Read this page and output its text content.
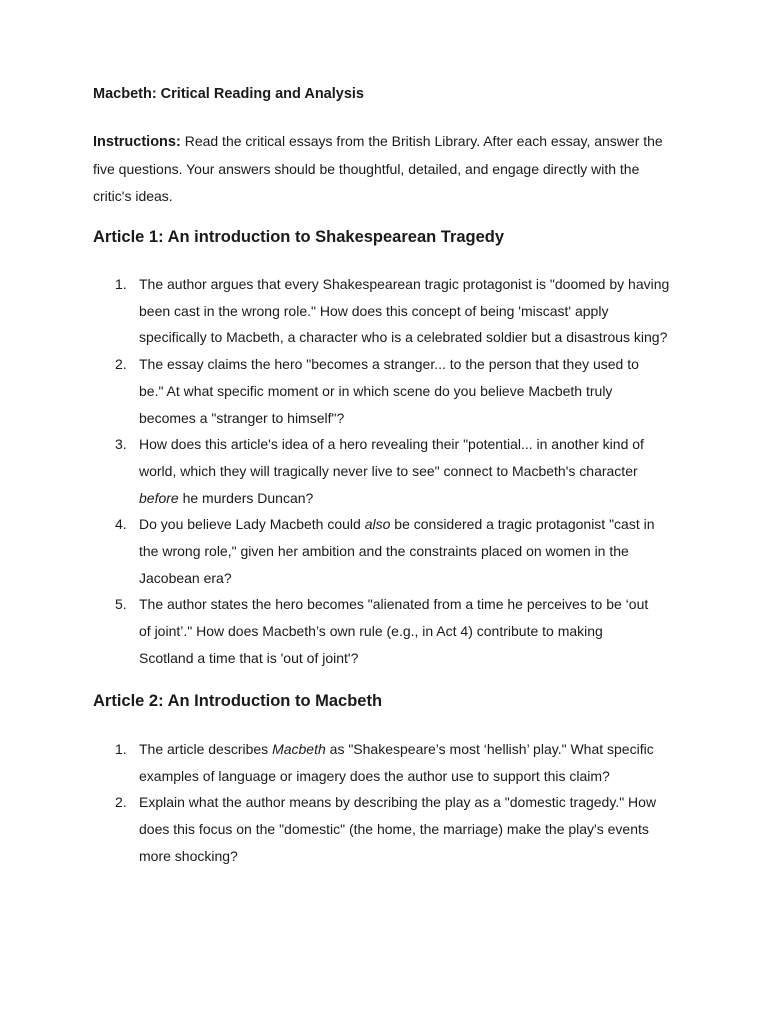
Macbeth: Critical Reading and Analysis
Instructions: Read the critical essays from the British Library. After each essay, answer the
five questions. Your answers should be thoughtful, detailed, and engage directly with the
critic's ideas.
Article 1: An introduction to Shakespearean Tragedy
1. The author argues that every Shakespearean tragic protagonist is "doomed by having
been cast in the wrong role." How does this concept of being 'miscast' apply
specifically to Macbeth, a character who is a celebrated soldier but a disastrous king?
2. The essay claims the hero "becomes a stranger... to the person that they used to
be." At what specific moment or in which scene do you believe Macbeth truly
becomes a "stranger to himself"?
3. How does this article's idea of a hero revealing their "potential... in another kind of
world, which they will tragically never live to see" connect to Macbeth's character
before he murders Duncan?
4. Do you believe Lady Macbeth could also be considered a tragic protagonist "cast in
the wrong role," given her ambition and the constraints placed on women in the
Jacobean era?
5. The author states the hero becomes "alienated from a time he perceives to be ‘out
of joint’." How does Macbeth’s own rule (e.g., in Act 4) contribute to making
Scotland a time that is 'out of joint'?
Article 2: An Introduction to Macbeth
1. The article describes Macbeth as "Shakespeare’s most ‘hellish’ play." What specific
examples of language or imagery does the author use to support this claim?
2. Explain what the author means by describing the play as a "domestic tragedy." How
does this focus on the "domestic" (the home, the marriage) make the play's events
more shocking?
